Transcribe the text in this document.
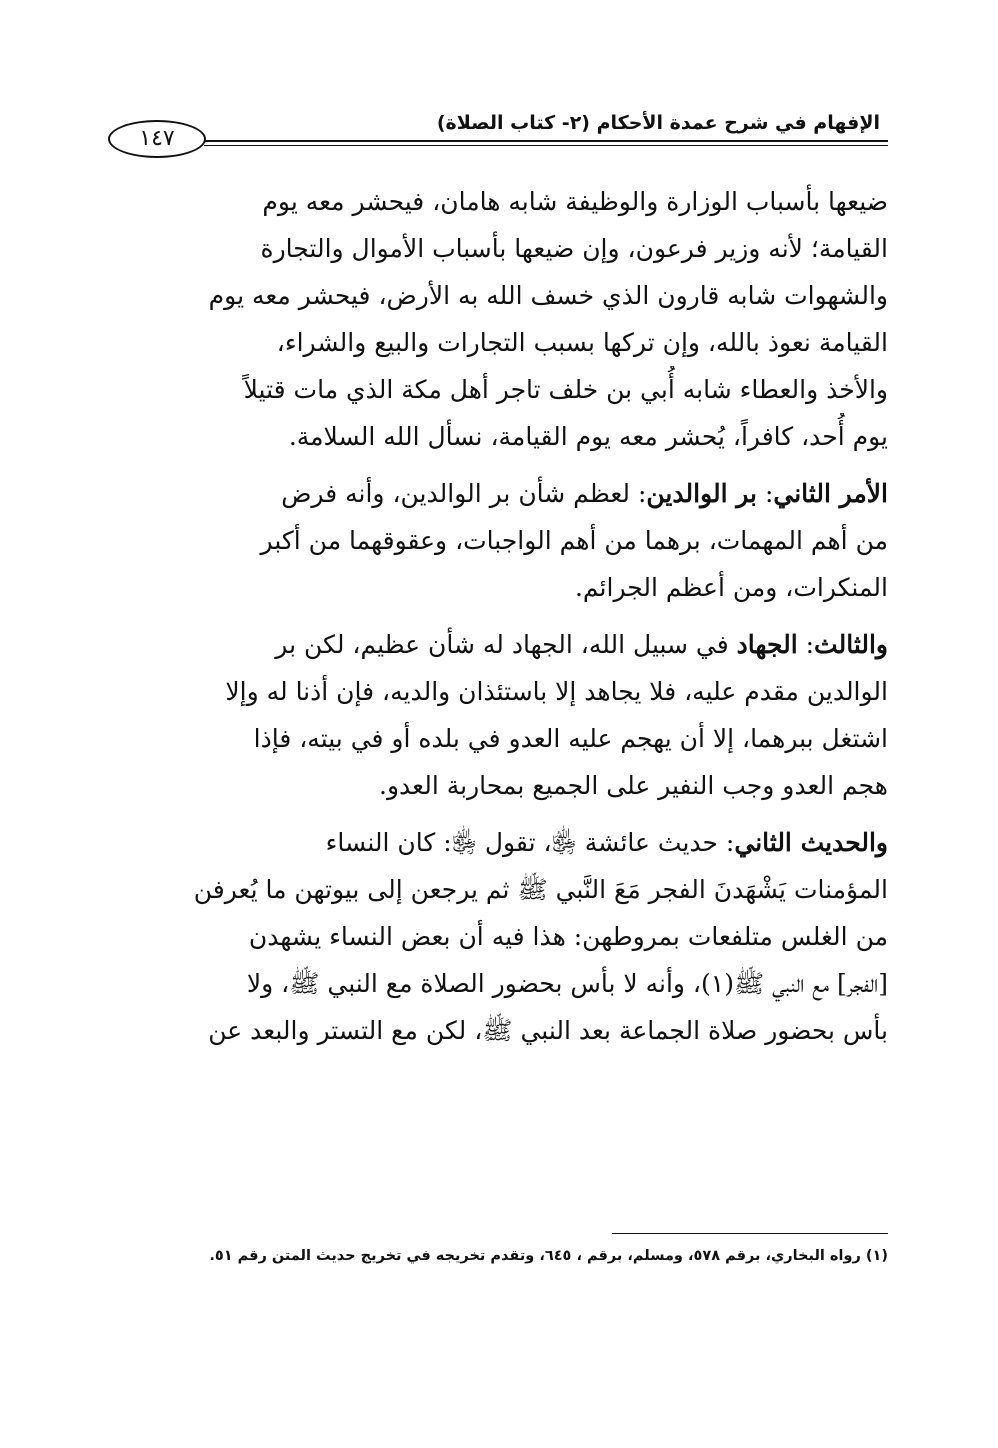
الإفهام في شرح عمدة الأحكام (٢- كتاب الصلاة)
١٤٧
ضيعها بأسباب الوزارة والوظيفة شابه هامان، فيحشر معه يوم
القيامة؛ لأنه وزير فرعون، وإن ضيعها بأسباب الأموال والتجارة
والشهوات شابه قارون الذي خسف الله به الأرض، فيحشر معه يوم
القيامة نعوذ بالله، وإن تركها بسبب التجارات والبيع والشراء،
والأخذ والعطاء شابه أُبي بن خلف تاجر أهل مكة الذي مات قتيلاً
يوم أُحد، كافراً، يُحشر معه يوم القيامة، نسأل الله السلامة.
الأمر الثاني: بر الوالدين: لعظم شأن بر الوالدين، وأنه فرض
من أهم المهمات، برهما من أهم الواجبات، وعقوقهما من أكبر
المنكرات، ومن أعظم الجرائم.
والثالث: الجهاد في سبيل الله، الجهاد له شأن عظيم، لكن بر
الوالدين مقدم عليه، فلا يجاهد إلا باستئذان والديه، فإن أذنا له وإلا
اشتغل ببرهما، إلا أن يهجم عليه العدو في بلده أو في بيته، فإذا
هجم العدو وجب النفير على الجميع بمحاربة العدو.
والحديث الثاني: حديث عائشة ﵂، تقول ﵂: كان النساء
المؤمنات يَشْهَدنَ الفجر مَعَ النَّبي ﷺ ثم يرجعن إلى بيوتهن ما يُعرفن
من الغلس متلفعات بمروطهن: هذا فيه أن بعض النساء يشهدن
[الفجر] مع النبي ﷺ(١)، وأنه لا بأس بحضور الصلاة مع النبي ﷺ، ولا
بأس بحضور صلاة الجماعة بعد النبي ﷺ، لكن مع التستر والبعد عن
(١) رواه البخاري، برقم ٥٧٨، ومسلم، برقم ، ٦٤٥، وتقدم تخريجه في تخريج حديث المتن رقم ٥١.
